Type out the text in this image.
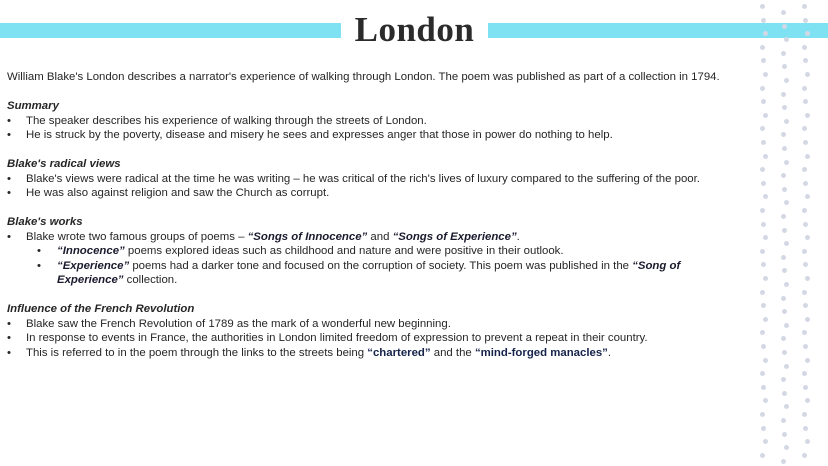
London

William Blake's London describes a narrator's experience of walking through London. The poem was published as part of a collection in 1794.

Summary
• The speaker describes his experience of walking through the streets of London.
• He is struck by the poverty, disease and misery he sees and expresses anger that those in power do nothing to help.
Blake's radical views
• Blake's views were radical at the time he was writing – he was critical of the rich's lives of luxury compared to the suffering of the poor.
• He was also against religion and saw the Church as corrupt.
Blake's works
• Blake wrote two famous groups of poems – “Songs of Innocence” and “Songs of Experience”.
• “Innocence” poems explored ideas such as childhood and nature and were positive in their outlook.
• “Experience” poems had a darker tone and focused on the corruption of society. This poem was published in the “Song of Experience” collection.
Influence of the French Revolution
• Blake saw the French Revolution of 1789 as the mark of a wonderful new beginning.
• In response to events in France, the authorities in London limited freedom of expression to prevent a repeat in their country.
• This is referred to in the poem through the links to the streets being “chartered” and the “mind-forged manacles”.
